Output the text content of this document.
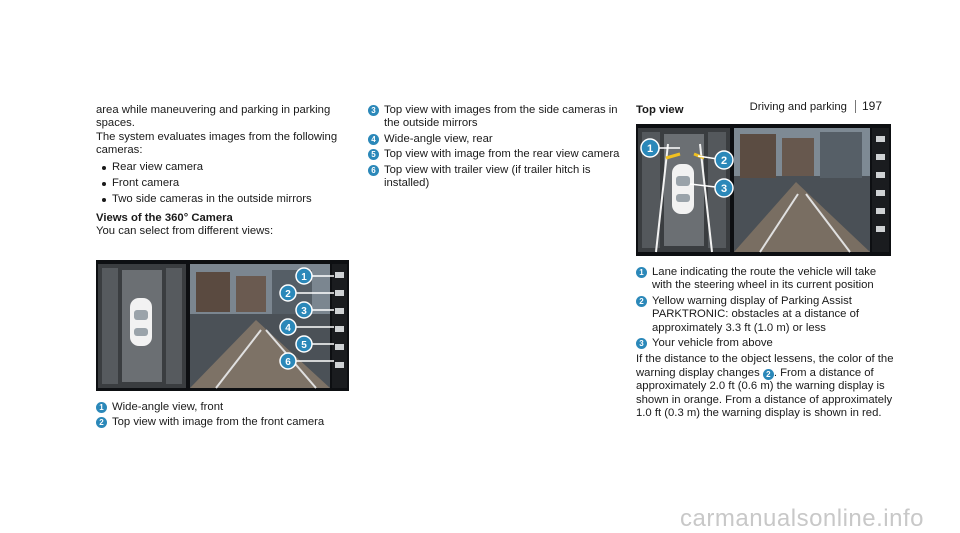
Driving and parking	197

area while maneuvering and parking in parking spaces.

The system evaluates images from the following cameras:

Rear view camera
Front camera
Two side cameras in the outside mirrors

Views of the 360° Camera

You can select from different views:

1
2
3
4
5
6
1 Wide-angle view, front
2 Top view with image from the front camera
3 Top view with images from the side cameras in the outside mirrors
4 Wide-angle view, rear
5 Top view with image from the rear view camera
6 Top view with trailer view (if trailer hitch is installed)

Top view

1
2
3
1 Lane indicating the route the vehicle will take with the steering wheel in its current position
2 Yellow warning display of Parking Assist PARKTRONIC: obstacles at a distance of approximately 3.3 ft (1.0 m) or less
3 Your vehicle from above

If the distance to the object lessens, the color of the warning display changes 2 . From a distance of approximately 2.0 ft (0.6 m) the warning display is shown in orange. From a distance of approximately 1.0 ft (0.3 m) the warning display is shown in red.

carmanualsonline.info
